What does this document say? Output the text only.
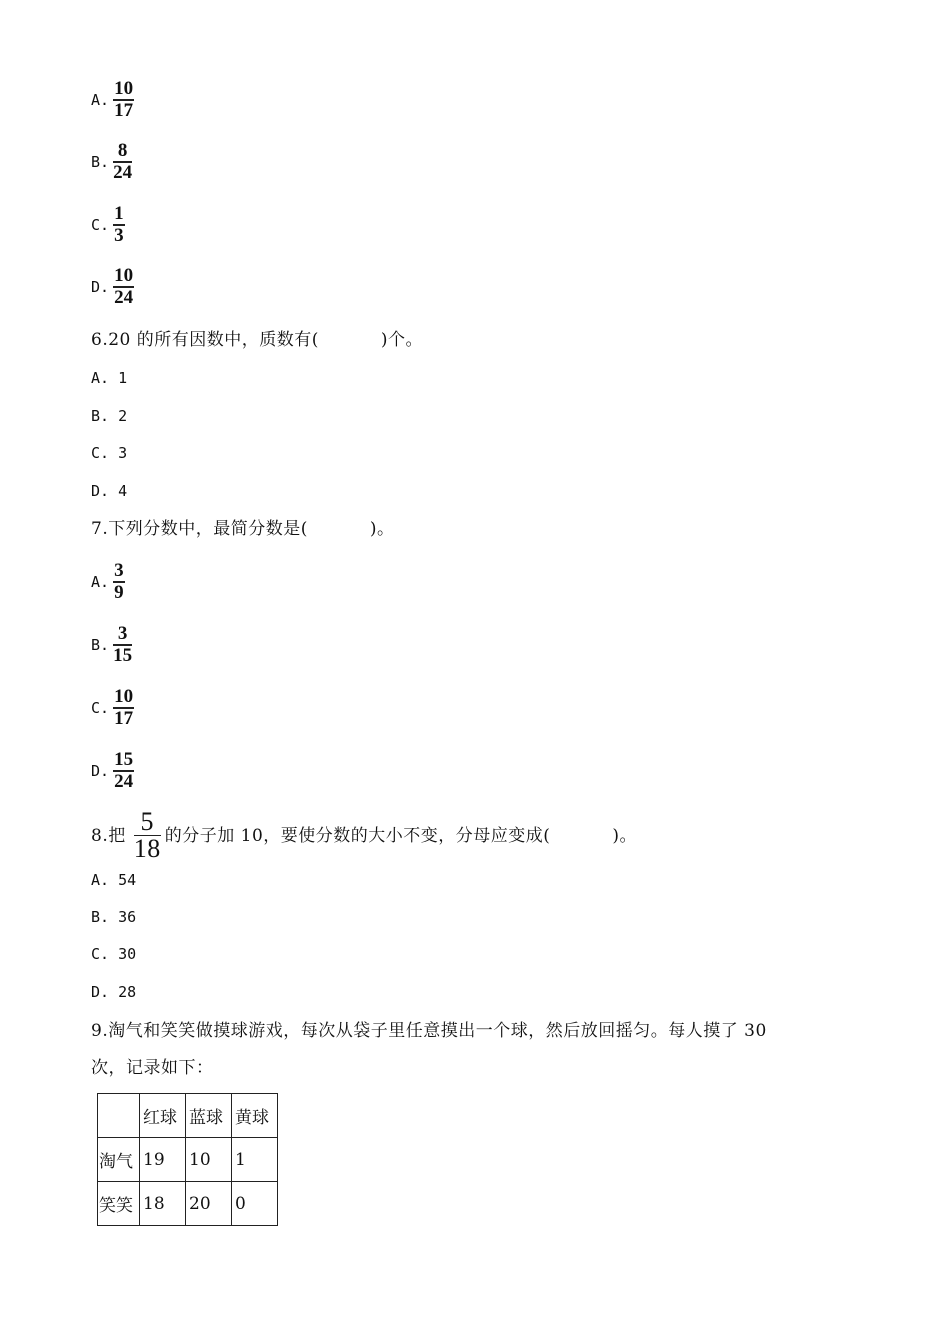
A. $\frac{10}{17}$
B. $\frac{8}{24}$
C. $\frac{1}{3}$
D. $\frac{10}{24}$
6.20 的所有因数中，质数有(	)个。
A. 1
B. 2
C. 3
D. 4
7.下列分数中，最简分数是(	)。
A. $\frac{3}{9}$
B. $\frac{3}{15}$
C. $\frac{10}{17}$
D. $\frac{15}{24}$
8.把 $\frac{5}{18}$ 的分子加 10，要使分数的大小不变，分母应变成(	)。
A. 54
B. 36
C. 30
D. 28
9.淘气和笑笑做摸球游戏，每次从袋子里任意摸出一个球，然后放回摇匀。每人摸了 30
次，记录如下：
	红球	蓝球	黄球
淘气	19	10	1
笑笑	18	20	0
